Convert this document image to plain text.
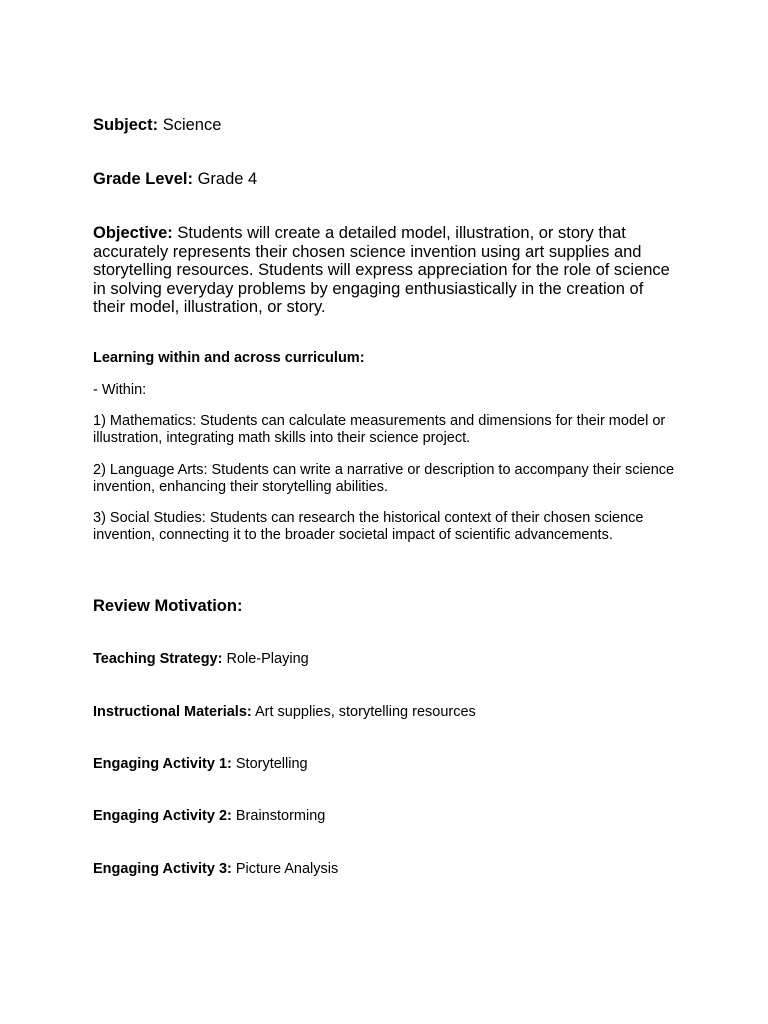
Subject: Science
Grade Level: Grade 4
Objective: Students will create a detailed model, illustration, or story that accurately represents their chosen science invention using art supplies and storytelling resources. Students will express appreciation for the role of science in solving everyday problems by engaging enthusiastically in the creation of their model, illustration, or story.
Learning within and across curriculum:
- Within:
1) Mathematics: Students can calculate measurements and dimensions for their model or illustration, integrating math skills into their science project.
2) Language Arts: Students can write a narrative or description to accompany their science invention, enhancing their storytelling abilities.
3) Social Studies: Students can research the historical context of their chosen science invention, connecting it to the broader societal impact of scientific advancements.
Review Motivation:
Teaching Strategy: Role-Playing
Instructional Materials: Art supplies, storytelling resources
Engaging Activity 1: Storytelling
Engaging Activity 2: Brainstorming
Engaging Activity 3: Picture Analysis
